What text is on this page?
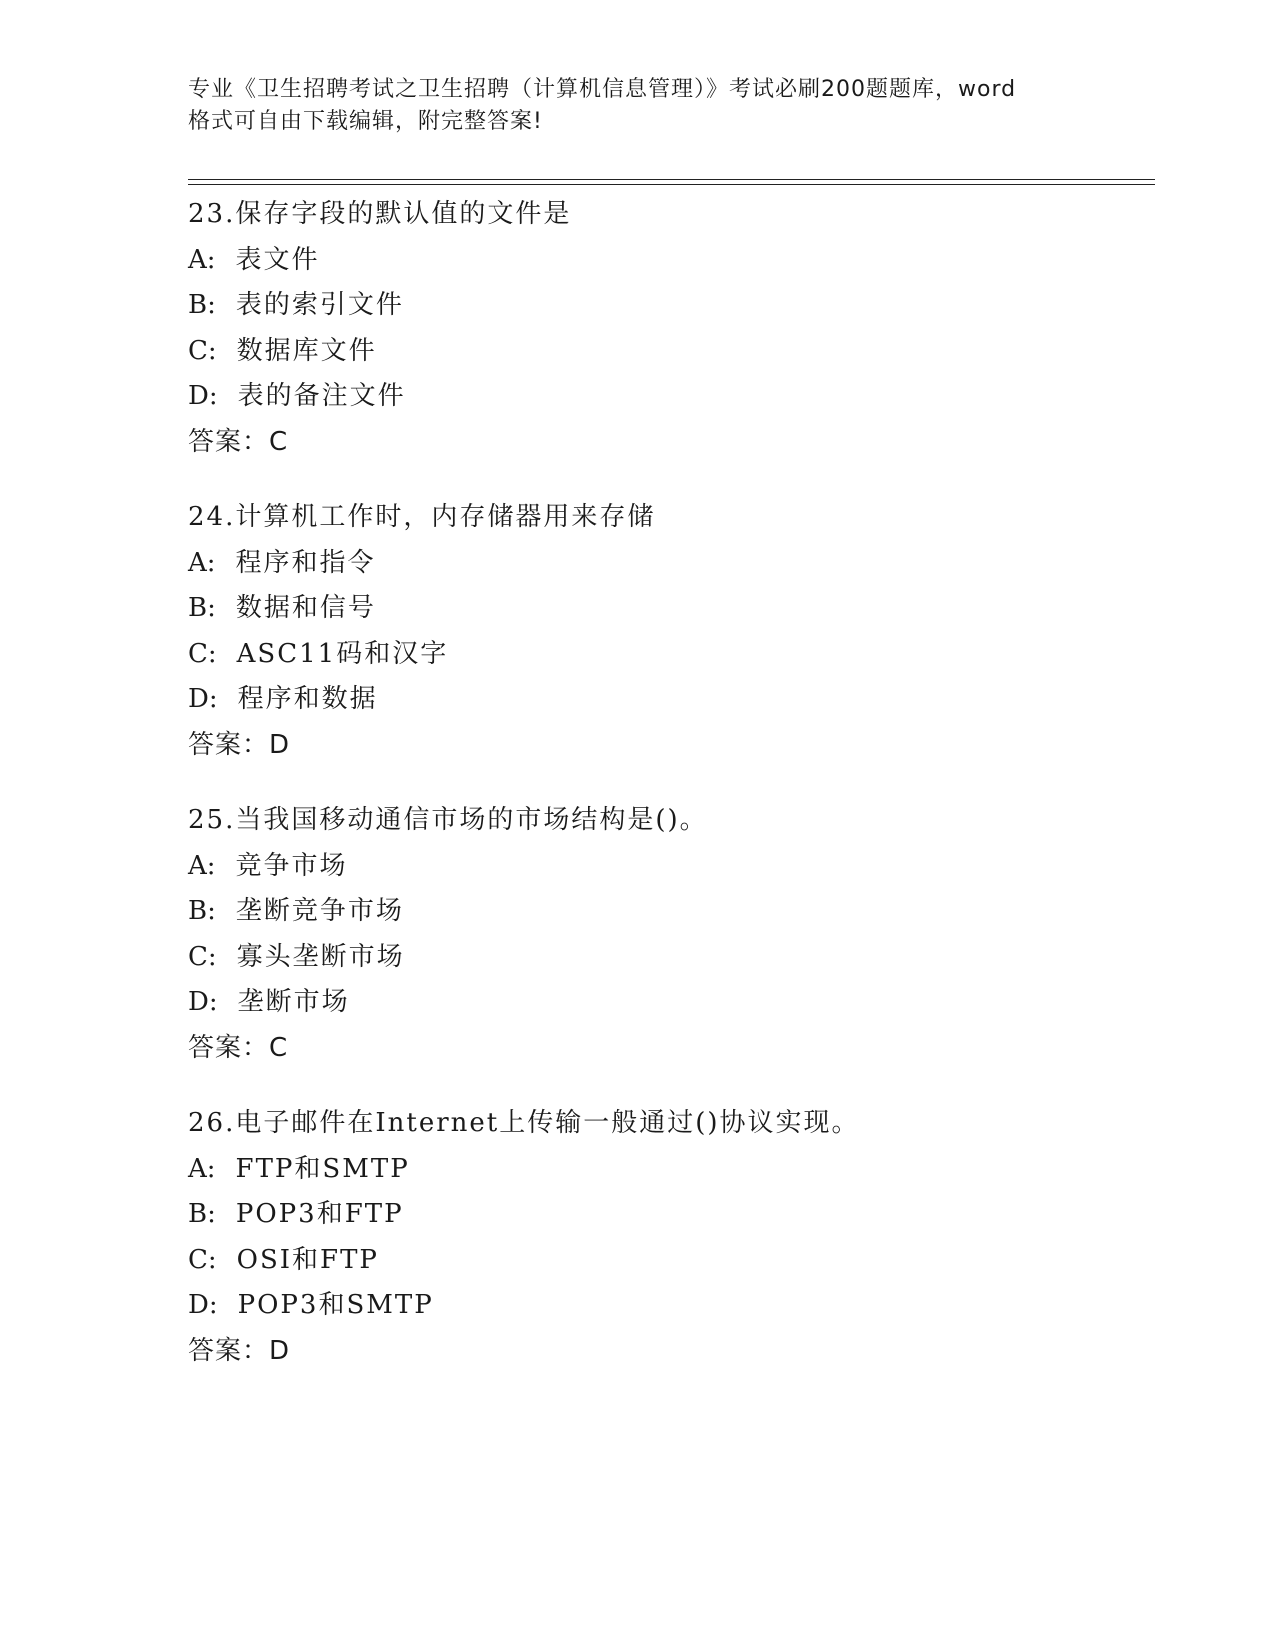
专业《卫生招聘考试之卫生招聘（计算机信息管理）》考试必刷200题题库，word
格式可自由下载编辑，附完整答案!
23.保存字段的默认值的文件是
A: 表文件
B: 表的索引文件
C: 数据库文件
D: 表的备注文件
答案：C
24.计算机工作时，内存储器用来存储
A: 程序和指令
B: 数据和信号
C: ASC11码和汉字
D: 程序和数据
答案：D
25.当我国移动通信市场的市场结构是()。
A: 竞争市场
B: 垄断竞争市场
C: 寡头垄断市场
D: 垄断市场
答案：C
26.电子邮件在Internet上传输一般通过()协议实现。
A: FTP和SMTP
B: POP3和FTP
C: OSI和FTP
D: POP3和SMTP
答案：D
